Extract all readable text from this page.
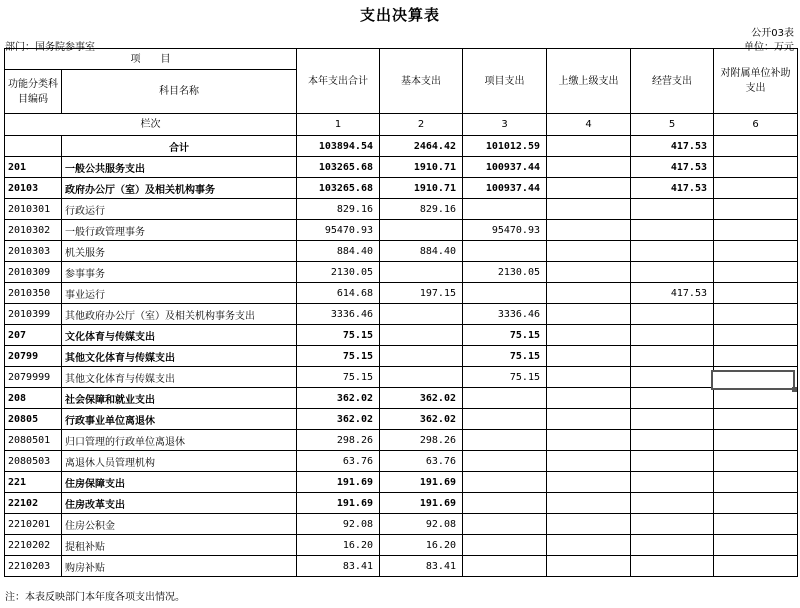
支出决算表
公开03表
部门：国务院参事室	单位：万元
项　　目		本年支出合计	基本支出	项目支出	上缴上级支出	经营支出	对附属单位补助支出
功能分类科目编码	科目名称						
栏次		1	2	3	4	5	6
	合计	103894.54	2464.42	101012.59		417.53	
201	一般公共服务支出	103265.68	1910.71	100937.44		417.53	
20103	政府办公厅（室）及相关机构事务	103265.68	1910.71	100937.44		417.53	
2010301	行政运行	829.16	829.16				
2010302	一般行政管理事务	95470.93		95470.93			
2010303	机关服务	884.40	884.40				
2010309	参事事务	2130.05		2130.05			
2010350	事业运行	614.68	197.15			417.53	
2010399	其他政府办公厅（室）及相关机构事务支出	3336.46		3336.46			
207	文化体育与传媒支出	75.15		75.15			
20799	其他文化体育与传媒支出	75.15		75.15			
2079999	其他文化体育与传媒支出	75.15		75.15			
208	社会保障和就业支出	362.02	362.02				
20805	行政事业单位离退休	362.02	362.02				
2080501	归口管理的行政单位离退休	298.26	298.26				
2080503	离退休人员管理机构	63.76	63.76				
221	住房保障支出	191.69	191.69				
22102	住房改革支出	191.69	191.69				
2210201	住房公积金	92.08	92.08				
2210202	提租补贴	16.20	16.20				
2210203	购房补贴	83.41	83.41				
注：本表反映部门本年度各项支出情况。
